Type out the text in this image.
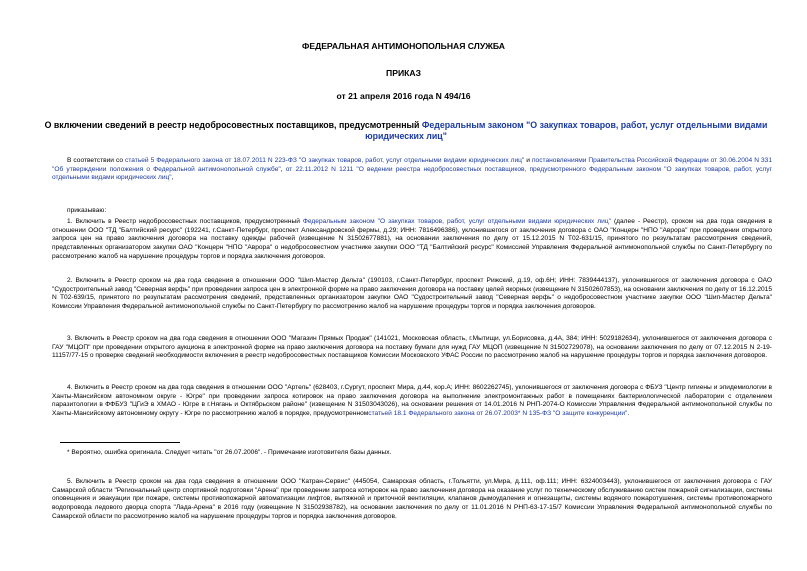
ФЕДЕРАЛЬНАЯ АНТИМОНОПОЛЬНАЯ СЛУЖБА
ПРИКАЗ
от 21 апреля 2016 года N 494/16
О включении сведений в реестр недобросовестных поставщиков, предусмотренный Федеральным законом "О закупках товаров, работ, услуг отдельными видами юридических лиц"
В соответствии со статьей 5 Федерального закона от 18.07.2011 N 223-ФЗ "О закупках товаров, работ, услуг отдельными видами юридических лиц" и постановлениями Правительства Российской Федерации от 30.06.2004 N 331 "Об утверждении положения о Федеральной антимонопольной службе", от 22.11.2012 N 1211 "О ведении реестра недобросовестных поставщиков, предусмотренного Федеральным законом "О закупках товаров, работ, услуг отдельными видами юридических лиц",
приказываю:
1. Включить в Реестр недобросовестных поставщиков, предусмотренный Федеральным законом "О закупках товаров, работ, услуг отдельными видами юридических лиц" (далее - Реестр), сроком на два года сведения в отношении ООО "ТД "Балтийский ресурс" (192241, г.Санкт-Петербург, проспект Александровской фермы, д.29; ИНН: 7816496386), уклонившегося от заключения договора с ОАО "Концерн "НПО "Аврора" при проведении открытого запроса цен на право заключения договора на поставку одежды рабочей (извещение N 31502677881), на основании заключения по делу от 15.12.2015 N Т02-631/15, принятого по результатам рассмотрения сведений, представленных организатором закупки ОАО "Концерн "НПО "Аврора" о недобросовестном участнике закупки ООО "ТД "Балтийский ресурс" Комиссией Управления Федеральной антимонопольной службы по Санкт-Петербургу по рассмотрению жалоб на нарушение процедуры торгов и порядка заключения договоров.
2. Включить в Реестр сроком на два года сведения в отношении ООО "Шип-Мастер Дельта" (190103, г.Санкт-Петербург, проспект Рижский, д.19, оф.6Н; ИНН: 7839444137), уклонившегося от заключения договора с ОАО "Судостроительный завод "Северная верфь" при проведении запроса цен в электронной форме на право заключения договора на поставку целей якорных (извещение N 31502607853), на основании заключения по делу от 16.12.2015 N Т02-639/15, принятого по результатам рассмотрения сведений, представленных организатором закупки ОАО "Судостроительный завод "Северная верфь" о недобросовестном участнике закупки ООО "Шип-Мастер Дельта" Комиссии Управления Федеральной антимонопольной службы по Санкт-Петербургу по рассмотрению жалоб на нарушение процедуры торгов и порядка заключения договоров.
3. Включить в Реестр сроком на два года сведения в отношении ООО "Магазин Прямых Продаж" (141021, Московская область, г.Мытищи, ул.Борисовка, д.4А, 384; ИНН: 5029182634), уклонившегося от заключения договора с ГАУ "МЦОП" при проведении открытого аукциона в электронной форме на право заключения договора на поставку бумаги для нужд ГАУ МЦОП (извещение N 31502729078), на основании заключения по делу от 07.12.2015 N 2-19-11157/77-15 о проверке сведений необходимости включения в реестр недобросовестных поставщиков Комиссии Московского УФАС России по рассмотрению жалоб на нарушение процедуры торгов и порядка заключения договоров.
4. Включить в Реестр сроком на два года сведения в отношении ООО "Артель" (628403, г.Сургут, проспект Мира, д.44, кор.А; ИНН: 8602262745), уклонившегося от заключения договора с ФБУЗ "Центр гигиены и эпидемиологии в Ханты-Мансийском автономном округе - Югре" при проведении запроса котировок на право заключения договора на выполнение электромонтажных работ в помещениях бактериологической лаборатории с отделением паразитологии в ФФБУЗ "ЦГиЭ в ХМАО - Югре в г.Нягань и Октябрьском районе" (извещение N 31503043026), на основании решения от 14.01.2016 N РНП-2074-О Комиссии Управления Федеральной антимонопольной службы по Ханты-Мансийскому автономному округу - Югре по рассмотрению жалоб в порядке, предусмотренномстатьей 18.1 Федерального закона от 26.07.2003* N 135-ФЗ "О защите конкуренции".
* Вероятно, ошибка оригинала. Следует читать "от 26.07.2006". - Примечание изготовителя базы данных.
5. Включить в Реестр сроком на два года сведения в отношении ООО "Катран-Сервис" (445054, Самарская область, г.Тольятти, ул.Мира, д.111, оф.111; ИНН: 6324003443), уклонившегося от заключения договора с ГАУ Самарской области "Региональный центр спортивной подготовки "Арена" при проведении запроса котировок на право заключения договора на оказание услуг по техническому обслуживанию систем пожарной сигнализации, системы оповещения и эвакуации при пожаре, системы противопожарной автоматизации лифтов, вытяжной и приточной вентиляции, клапанов дымоудаления и огнезащиты, системы водяного пожаротушения, системы противопожарного водопровода ледового дворца спорта "Лада-Арена" в 2016 году (извещение N 31502938782), на основании заключения по делу от 11.01.2016 N РНП-63-17-15/7 Комиссии Управления Федеральной антимонопольной службы по Самарской области по рассмотрению жалоб на нарушение процедуры торгов и порядка заключения договоров.
